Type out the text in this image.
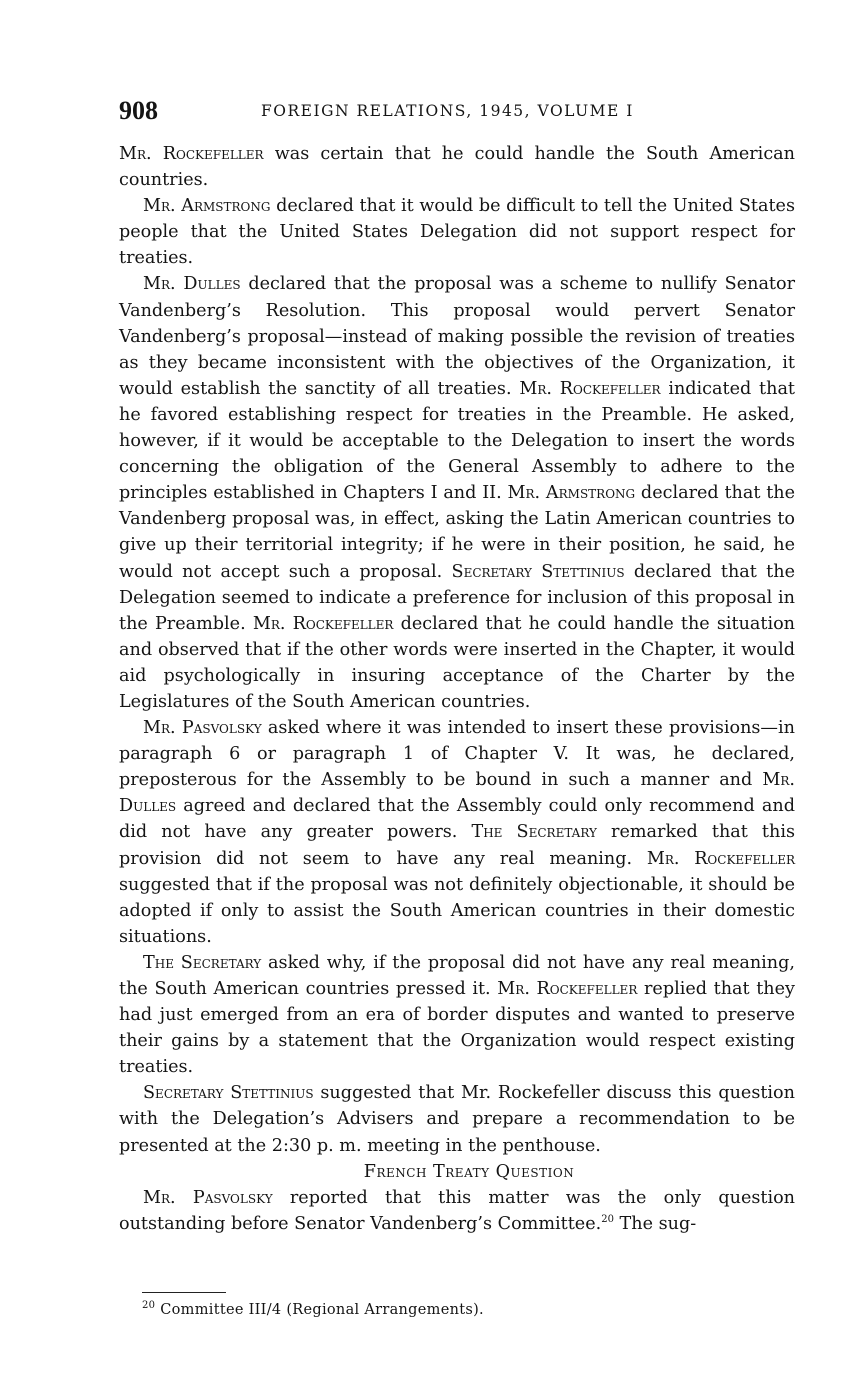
908	FOREIGN RELATIONS, 1945, VOLUME I

Mr. Rockefeller was certain that he could handle the South American countries.

Mr. Armstrong declared that it would be difficult to tell the United States people that the United States Delegation did not support respect for treaties.

Mr. Dulles declared that the proposal was a scheme to nullify Senator Vandenberg’s Resolution. This proposal would pervert Senator Vandenberg’s proposal—instead of making possible the revision of treaties as they became inconsistent with the objectives of the Organization, it would establish the sanctity of all treaties. Mr. Rockefeller indicated that he favored establishing respect for treaties in the Preamble. He asked, however, if it would be acceptable to the Delegation to insert the words concerning the obligation of the General Assembly to adhere to the principles established in Chapters I and II. Mr. Armstrong declared that the Vandenberg proposal was, in effect, asking the Latin American countries to give up their territorial integrity; if he were in their position, he said, he would not accept such a proposal. Secretary Stettinius declared that the Delegation seemed to indicate a preference for inclusion of this proposal in the Preamble. Mr. Rockefeller declared that he could handle the situation and observed that if the other words were inserted in the Chapter, it would aid psychologically in insuring acceptance of the Charter by the Legislatures of the South American countries.

Mr. Pasvolsky asked where it was intended to insert these provisions—in paragraph 6 or paragraph 1 of Chapter V. It was, he declared, preposterous for the Assembly to be bound in such a manner and Mr. Dulles agreed and declared that the Assembly could only recommend and did not have any greater powers. The Secretary remarked that this provision did not seem to have any real meaning. Mr. Rockefeller suggested that if the proposal was not definitely objectionable, it should be adopted if only to assist the South American countries in their domestic situations.

The Secretary asked why, if the proposal did not have any real meaning, the South American countries pressed it. Mr. Rockefeller replied that they had just emerged from an era of border disputes and wanted to preserve their gains by a statement that the Organization would respect existing treaties.

Secretary Stettinius suggested that Mr. Rockefeller discuss this question with the Delegation’s Advisers and prepare a recommendation to be presented at the 2:30 p. m. meeting in the penthouse.

French Treaty Question

Mr. Pasvolsky reported that this matter was the only question outstanding before Senator Vandenberg’s Committee.$^{20}$ The sug-

$^{20}$ Committee III/4 (Regional Arrangements).
